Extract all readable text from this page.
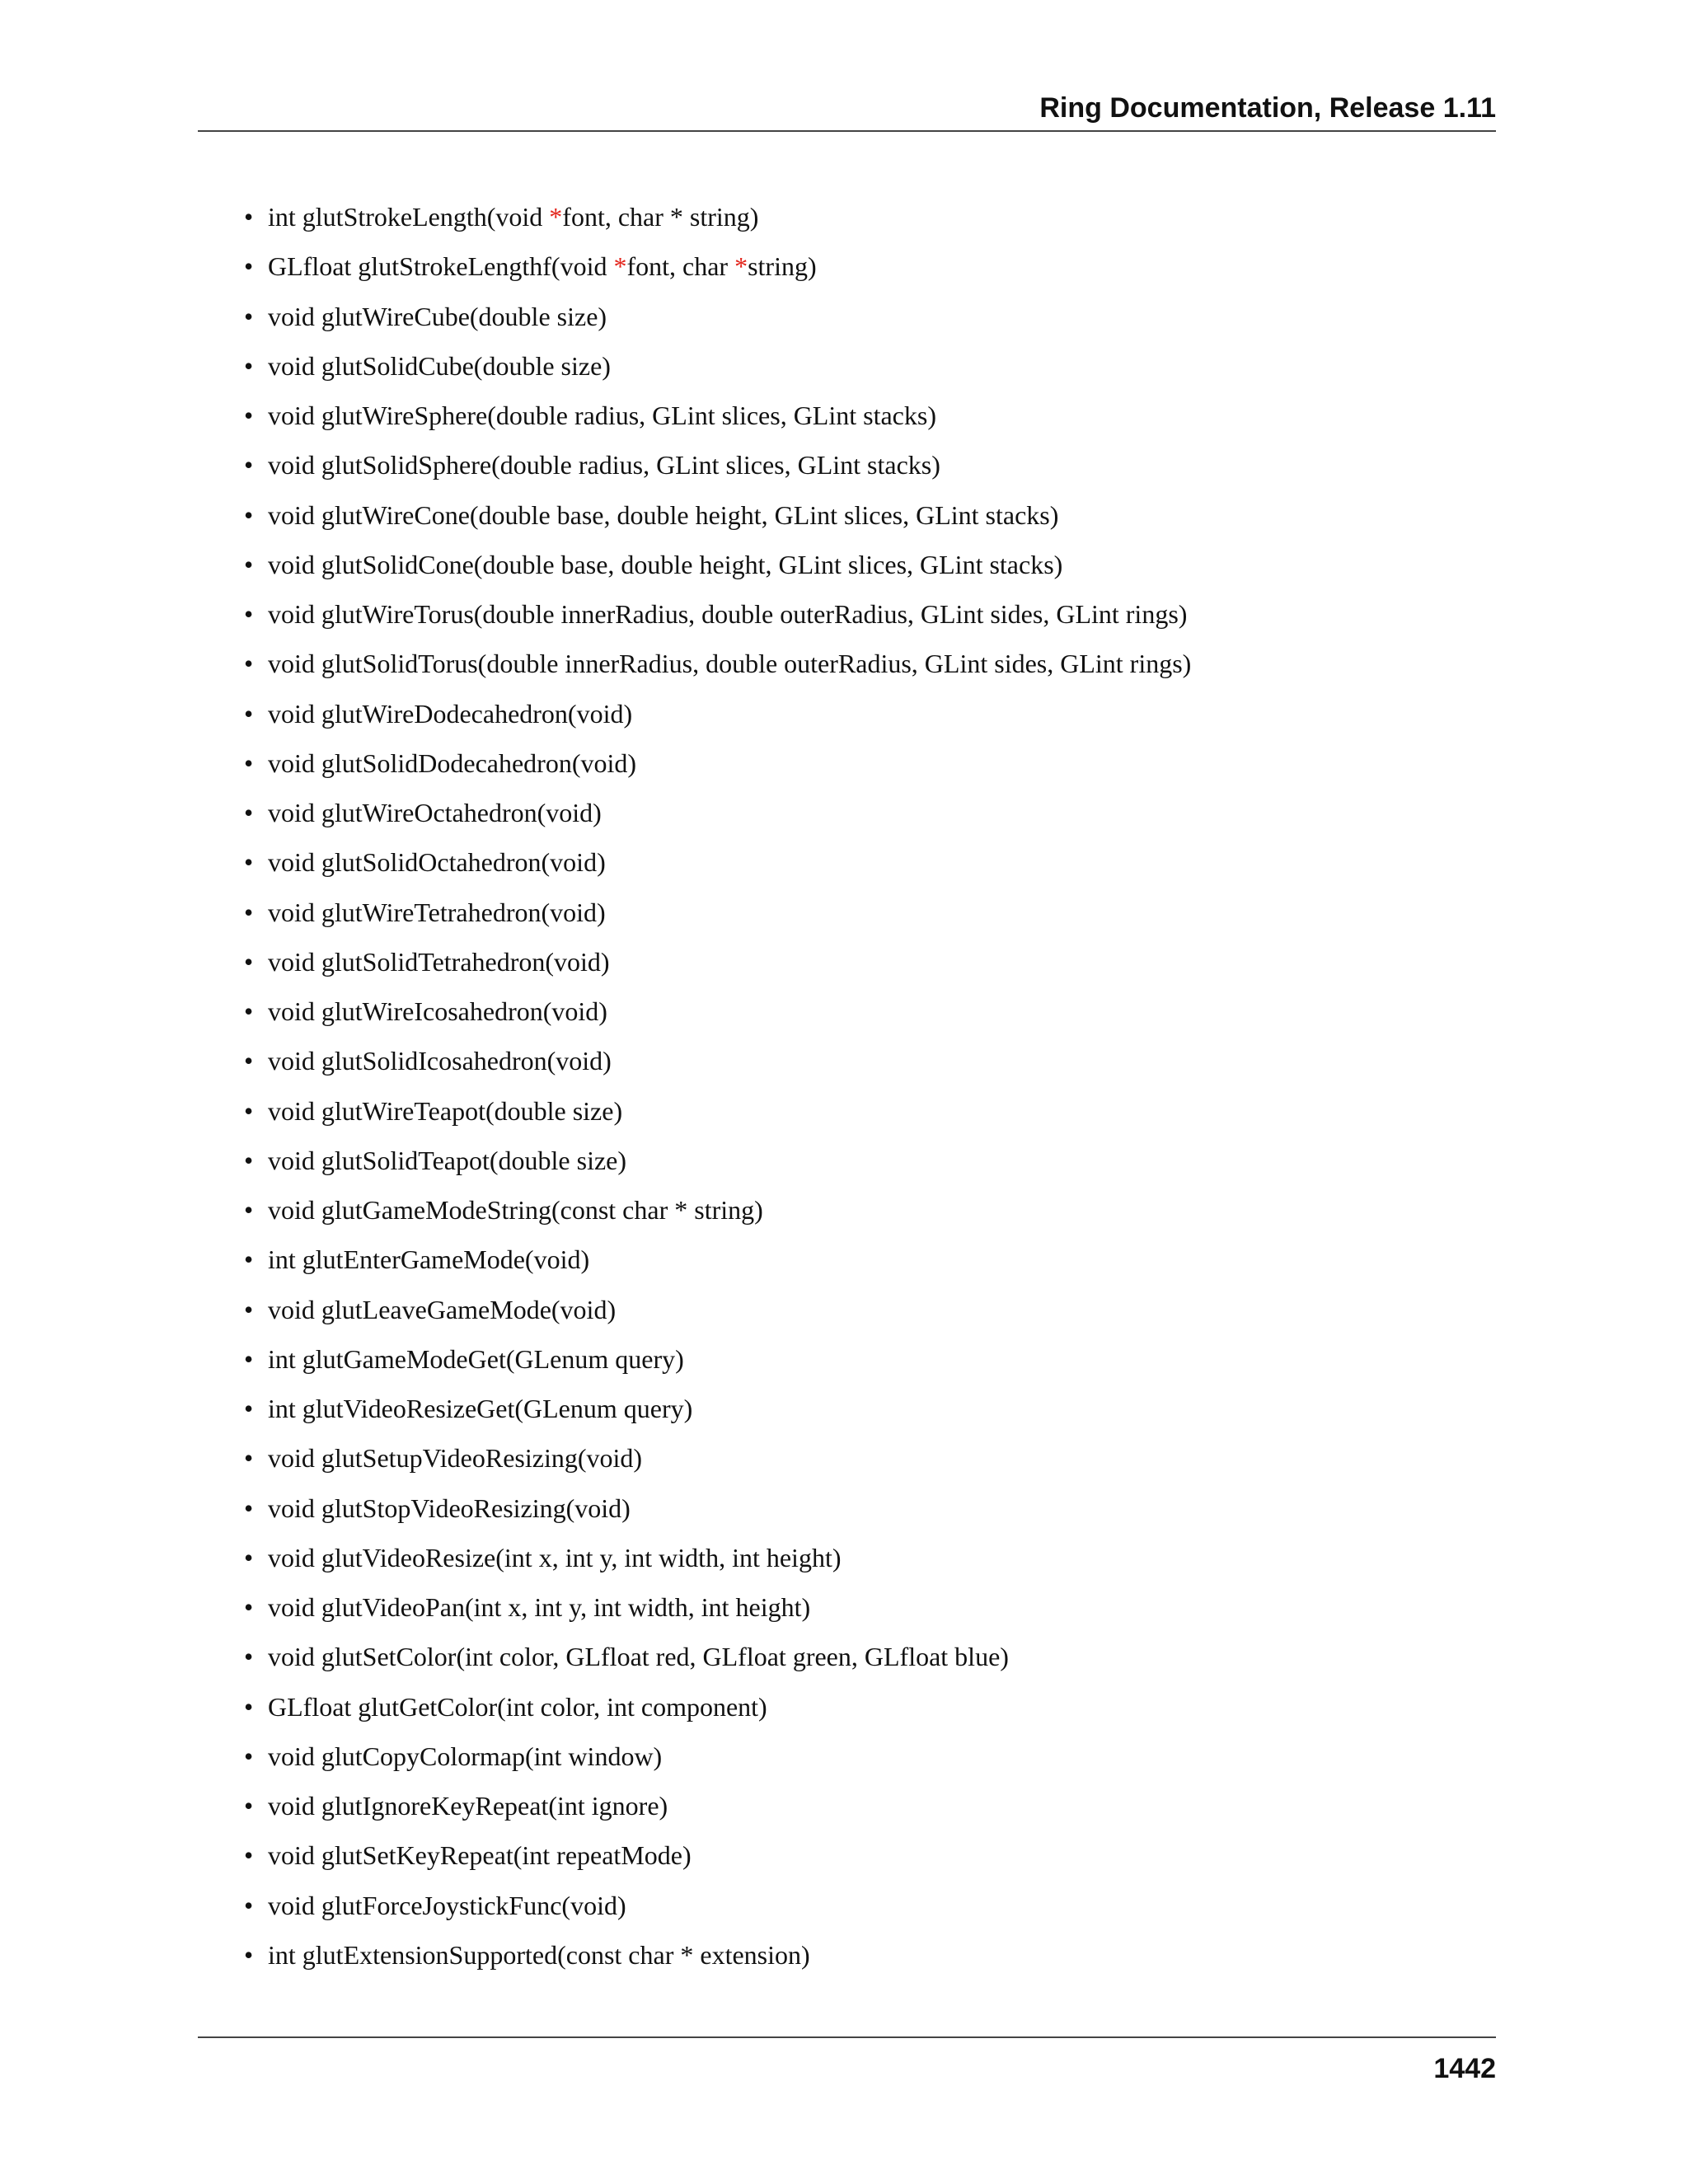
Ring Documentation, Release 1.11
• int glutStrokeLength(void *font, char * string)
• GLfloat glutStrokeLengthf(void *font, char *string)
• void glutWireCube(double size)
• void glutSolidCube(double size)
• void glutWireSphere(double radius, GLint slices, GLint stacks)
• void glutSolidSphere(double radius, GLint slices, GLint stacks)
• void glutWireCone(double base, double height, GLint slices, GLint stacks)
• void glutSolidCone(double base, double height, GLint slices, GLint stacks)
• void glutWireTorus(double innerRadius, double outerRadius, GLint sides, GLint rings)
• void glutSolidTorus(double innerRadius, double outerRadius, GLint sides, GLint rings)
• void glutWireDodecahedron(void)
• void glutSolidDodecahedron(void)
• void glutWireOctahedron(void)
• void glutSolidOctahedron(void)
• void glutWireTetrahedron(void)
• void glutSolidTetrahedron(void)
• void glutWireIcosahedron(void)
• void glutSolidIcosahedron(void)
• void glutWireTeapot(double size)
• void glutSolidTeapot(double size)
• void glutGameModeString(const char * string)
• int glutEnterGameMode(void)
• void glutLeaveGameMode(void)
• int glutGameModeGet(GLenum query)
• int glutVideoResizeGet(GLenum query)
• void glutSetupVideoResizing(void)
• void glutStopVideoResizing(void)
• void glutVideoResize(int x, int y, int width, int height)
• void glutVideoPan(int x, int y, int width, int height)
• void glutSetColor(int color, GLfloat red, GLfloat green, GLfloat blue)
• GLfloat glutGetColor(int color, int component)
• void glutCopyColormap(int window)
• void glutIgnoreKeyRepeat(int ignore)
• void glutSetKeyRepeat(int repeatMode)
• void glutForceJoystickFunc(void)
• int glutExtensionSupported(const char * extension)
1442
